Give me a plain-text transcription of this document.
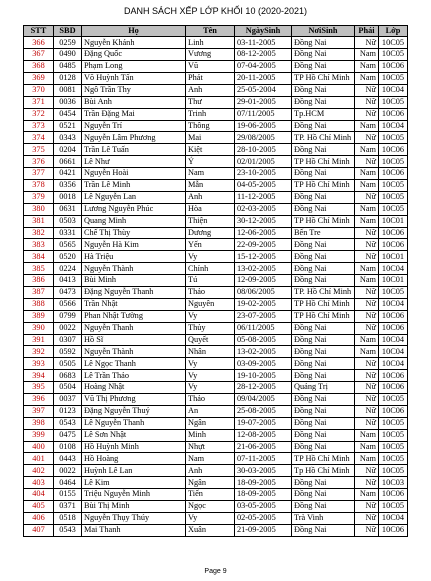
DANH SÁCH XẾP LỚP KHỐI 10 (2020-2021)
STT	SBD	Họ	Tên	NgàySinh	NơiSinh	Phái	Lớp
366	0259	Nguyễn Khánh	Linh	03-11-2005	Đồng Nai	Nữ	10C05
367	0490	Đặng Quốc	Vương	08-12-2005	Đồng Nai	Nam	10C05
368	0485	Phạm Long	Vũ	07-04-2005	Đồng Nai	Nam	10C06
369	0128	Võ Huỳnh Tấn	Phát	20-11-2005	TP Hồ Chí Minh	Nam	10C05
370	0081	Ngô Trần Thy	Anh	25-05-2004	Đồng Nai	Nữ	10C04
371	0036	Bùi Anh	Thư	29-01-2005	Đồng Nai	Nữ	10C05
372	0454	Trần Đặng Mai	Trinh	07/11/2005	Tp.HCM	Nữ	10C06
373	0521	Nguyễn Trí	Thông	19-06-2005	Đồng Nai	Nam	10C04
374	0343	Nguyễn Lâm Phương	Mai	29/08/2005	TP. Hồ Chí Minh	Nữ	10C05
375	0204	Trần Lê Tuấn	Kiệt	28-10-2005	Đồng Nai	Nam	10C06
376	0661	Lê Như	Ý	02/01/2005	TP Hồ Chí Minh	Nữ	10C05
377	0421	Nguyễn Hoài	Nam	23-10-2005	Đồng Nai	Nam	10C06
378	0356	Trần Lê Minh	Mẫn	04-05-2005	TP Hồ Chí Minh	Nam	10C05
379	0018	Lê Nguyễn Lan	Anh	11-12-2005	Đồng Nai	Nữ	10C05
380	0631	Lương Nguyễn Phúc	Hòa	02-03-2005	Đồng Nai	Nam	10C05
381	0503	Quang Minh	Thiện	30-12-2005	TP Hồ Chí Minh	Nam	10C01
382	0331	Chế Thị Thùy	Dương	12-06-2005	Bến Tre	Nữ	10C06
383	0565	Nguyễn Hà Kim	Yến	22-09-2005	Đồng Nai	Nữ	10C06
384	0520	Hà Triệu	Vy	15-12-2005	Đồng Nai	Nữ	10C01
385	0224	Nguyễn Thành	Chính	13-02-2005	Đồng Nai	Nam	10C04
386	0413	Bùi Minh	Tú	12-09-2005	Đồng Nai	Nam	10C01
387	0473	Đặng Nguyễn Thanh	Thảo	08/06/2005	TP. Hồ Chí Minh	Nữ	10C05
388	0566	Trần Nhật	Nguyên	19-02-2005	TP Hồ Chí Minh	Nữ	10C04
389	0799	Phan Nhật Tường	Vy	23-07-2005	TP Hồ Chí Minh	Nữ	10C06
390	0022	Nguyễn Thanh	Thủy	06/11/2005	Đồng Nai	Nữ	10C06
391	0307	Hồ Sĩ	Quyết	05-08-2005	Đồng Nai	Nam	10C04
392	0592	Nguyễn Thành	Nhân	13-02-2005	Đồng Nai	Nam	10C04
393	0505	Lê Ngọc Thanh	Vy	03-09-2005	Đồng Nai	Nữ	10C04
394	0683	Lê Trần Thảo	Vy	19-10-2005	Đồng Nai	Nữ	10C06
395	0504	Hoàng Nhật	Vy	28-12-2005	Quảng Trị	Nữ	10C06
396	0037	Vũ Thị Phương	Thảo	09/04/2005	Đồng Nai	Nữ	10C05
397	0123	Đặng Nguyễn Thuý	An	25-08-2005	Đồng Nai	Nữ	10C06
398	0543	Lê Nguyễn Thanh	Ngân	19-07-2005	Đồng Nai	Nữ	10C05
399	0475	Lê Sơn Nhật	Minh	12-08-2005	Đồng Nai	Nam	10C05
400	0108	Hồ Huỳnh Minh	Nhựt	21-06-2005	Đồng Nai	Nam	10C05
401	0443	Hồ Hoàng	Nam	07-11-2005	TP Hồ Chí Minh	Nam	10C05
402	0022	Huỳnh Lê Lan	Anh	30-03-2005	Tp Hồ Chí Minh	Nữ	10C05
403	0464	Lê Kim	Ngân	18-09-2005	Đồng Nai	Nữ	10C03
404	0155	Triệu Nguyễn Minh	Tiến	18-09-2005	Đồng Nai	Nam	10C06
405	0371	Bùi Thị Minh	Ngọc	03-05-2005	Đồng Nai	Nữ	10C05
406	0518	Nguyễn Thụy Thúy	Vy	02-05-2005	Trà Vinh	Nữ	10C04
407	0543	Mai Thanh	Xuân	21-09-2005	Đồng Nai	Nữ	10C06
Page 9
